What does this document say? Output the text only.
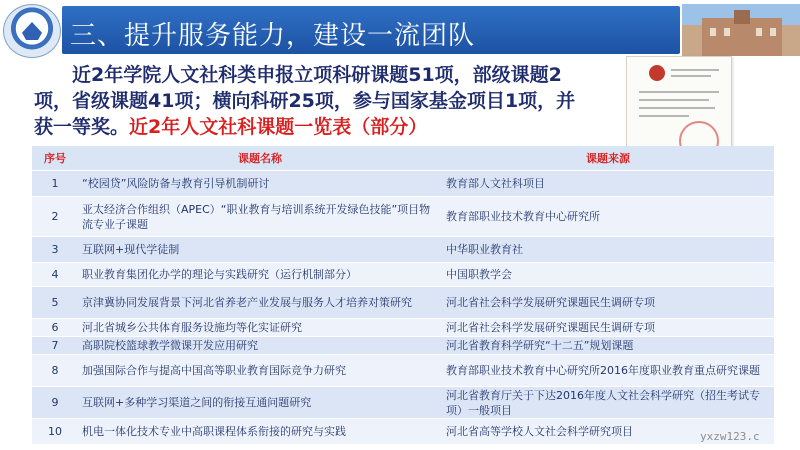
三、提升服务能力，建设一流团队

近2年学院人文社科类申报立项科研课题51项，部级课题2项，省级课题41项；横向科研25项，参与国家基金项目1项，并获一等奖。近2年人文社科课题一览表（部分）

序号	课题名称	课题来源
1	“校园贷”风险防备与教育引导机制研讨	教育部人文社科项目
2	亚太经济合作组织（APEC）“职业教育与培训系统开发绿色技能”项目物流专业子课题	教育部职业技术教育中心研究所
3	互联网+现代学徒制	中华职业教育社
4	职业教育集团化办学的理论与实践研究（运行机制部分）	中国职教学会
5	京津冀协同发展背景下河北省养老产业发展与服务人才培养对策研究	河北省社会科学发展研究课题民生调研专项
6	河北省城乡公共体育服务设施均等化实证研究	河北省社会科学发展研究课题民生调研专项
7	高职院校篮球教学微课开发应用研究	河北省教育科学研究“十二五”规划课题
8	加强国际合作与提高中国高等职业教育国际竞争力研究	教育部职业技术教育中心研究所2016年度职业教育重点研究课题
9	互联网+多种学习渠道之间的衔接互通问题研究	河北省教育厅关于下达2016年度人文社会科学研究（招生考试专项）一般项目
10	机电一体化技术专业中高职课程体系衔接的研究与实践	河北省高等学校人文社会科学研究项目	yxzw123.c
